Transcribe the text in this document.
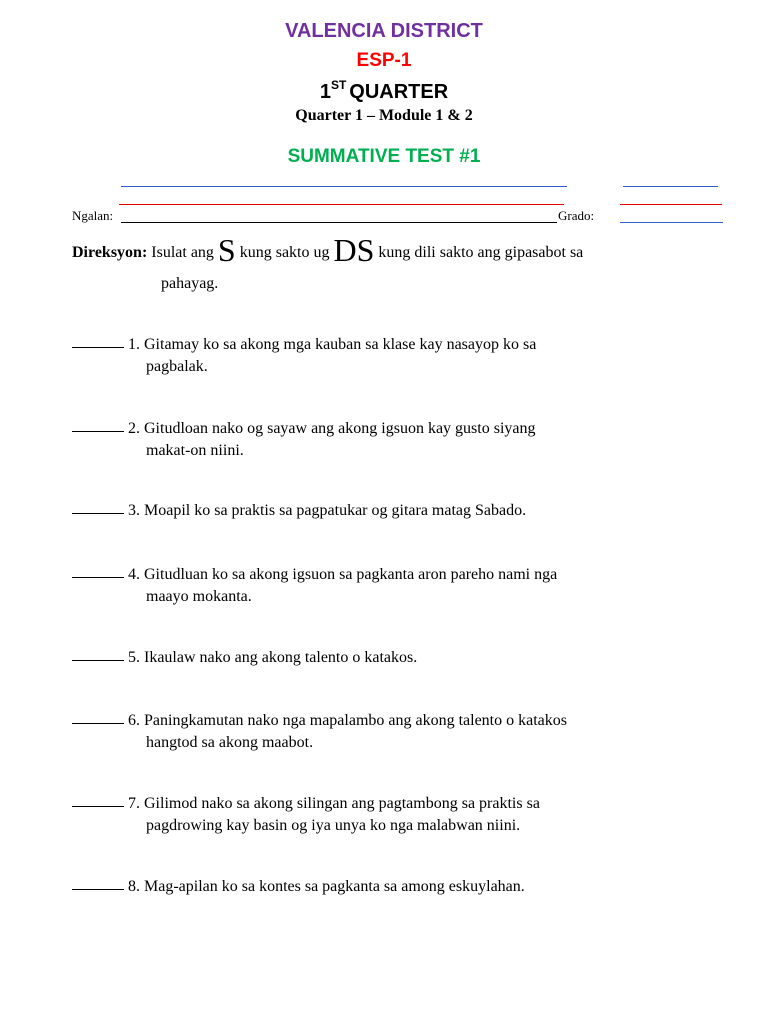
VALENCIA DISTRICT
ESP-1
1ST QUARTER
Quarter 1 – Module 1 & 2
SUMMATIVE TEST #1
Ngalan:	Grado:
Direksyon: Isulat ang S kung sakto ug DS kung dili sakto ang gipasabot sa
pahayag.
1. Gitamay ko sa akong mga kauban sa klase kay nasayop ko sa
pagbalak.
2. Gitudloan nako og sayaw ang akong igsuon kay gusto siyang
makat-on niini.
3. Moapil ko sa praktis sa pagpatukar og gitara matag Sabado.
4. Gitudluan ko sa akong igsuon sa pagkanta aron pareho nami nga
maayo mokanta.
5. Ikaulaw nako ang akong talento o katakos.
6. Paningkamutan nako nga mapalambo ang akong talento o katakos
hangtod sa akong maabot.
7. Gilimod nako sa akong silingan ang pagtambong sa praktis sa
pagdrowing kay basin og iya unya ko nga malabwan niini.
8. Mag-apilan ko sa kontes sa pagkanta sa among eskuylahan.
